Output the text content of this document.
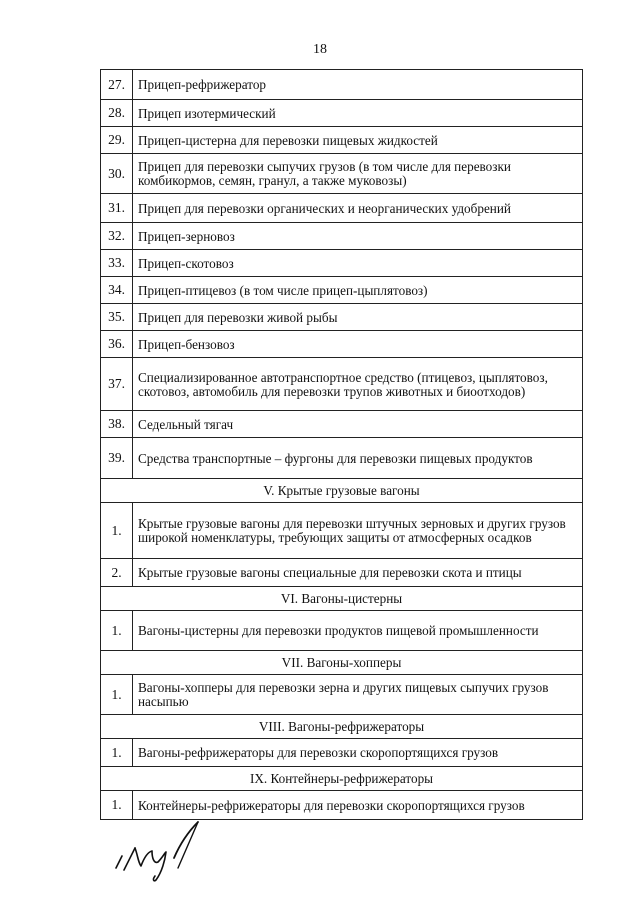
18
27.	Прицеп-рефрижератор
28.	Прицеп изотермический
29.	Прицеп-цистерна для перевозки пищевых жидкостей
30.	Прицеп для перевозки сыпучих грузов (в том числе для перевозки комбикормов, семян, гранул, а также муковозы)
31.	Прицеп для перевозки органических и неорганических удобрений
32.	Прицеп-зерновоз
33.	Прицеп-скотовоз
34.	Прицеп-птицевоз (в том числе прицеп-цыплятовоз)
35.	Прицеп для перевозки живой рыбы
36.	Прицеп-бензовоз
37.	Специализированное автотранспортное средство (птицевоз, цыплятовоз, скотовоз, автомобиль для перевозки трупов животных и биоотходов)
38.	Седельный тягач
39.	Средства транспортные – фургоны для перевозки пищевых продуктов
V. Крытые грузовые вагоны	
1.	Крытые грузовые вагоны для перевозки штучных зерновых и других грузов широкой номенклатуры, требующих защиты от атмосферных осадков
2.	Крытые грузовые вагоны специальные для перевозки скота и птицы
VI. Вагоны-цистерны	
1.	Вагоны-цистерны для перевозки продуктов пищевой промышленности
VII. Вагоны-хопперы	
1.	Вагоны-хопперы для перевозки зерна и других пищевых сыпучих грузов насыпью
VIII. Вагоны-рефрижераторы	
1.	Вагоны-рефрижераторы для перевозки скоропортящихся грузов
IX. Контейнеры-рефрижераторы	
1.	Контейнеры-рефрижераторы для перевозки скоропортящихся грузов
